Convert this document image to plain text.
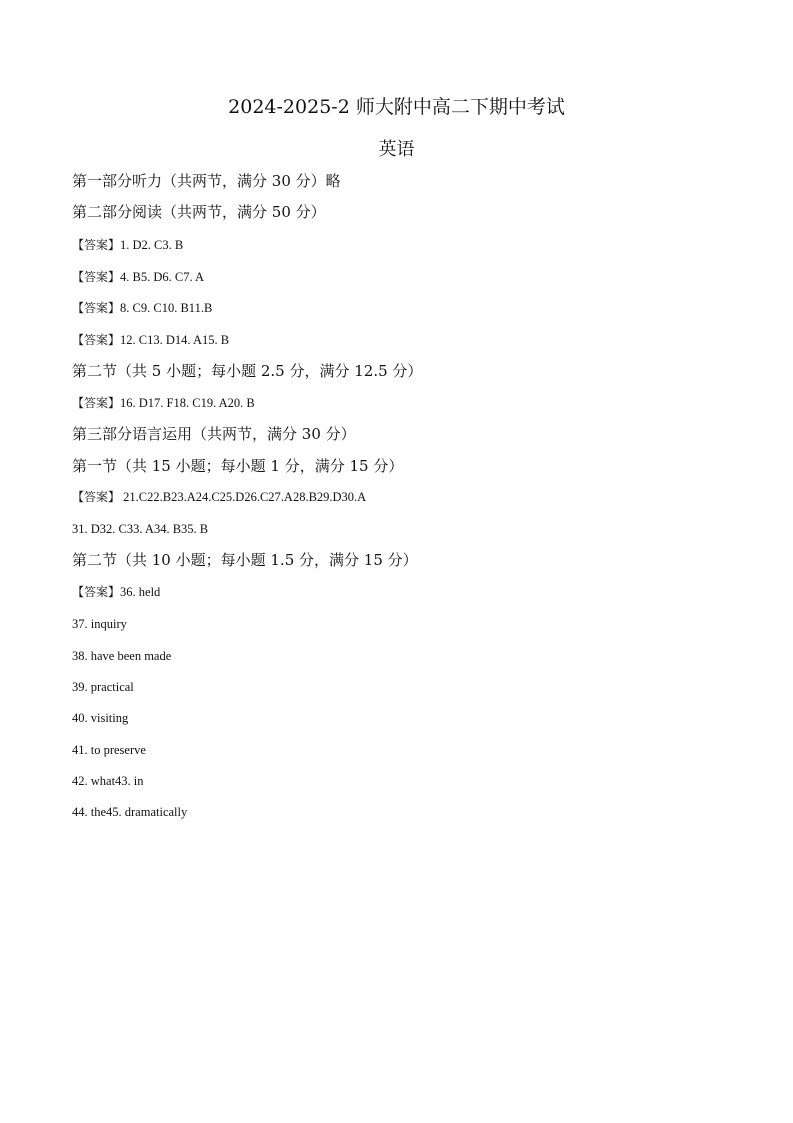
2024-2025-2 师大附中高二下期中考试
英语
第一部分听力（共两节，满分 30 分）略
第二部分阅读（共两节，满分 50 分）
【答案】1. D2. C3. B
【答案】4. B5. D6. C7. A
【答案】8. C9. C10. B11.B
【答案】12. C13. D14. A15. B
第二节（共 5 小题；每小题 2.5 分，满分 12.5 分）
【答案】16. D17. F18. C19. A20. B
第三部分语言运用（共两节，满分 30 分）
第一节（共 15 小题；每小题 1 分，满分 15 分）
【答案】 21.C22.B23.A24.C25.D26.C27.A28.B29.D30.A
31. D32. C33. A34. B35. B
第二节（共 10 小题；每小题 1.5 分，满分 15 分）
【答案】36. held
37. inquiry
38. have been made
39. practical
40. visiting
41. to preserve
42. what43. in
44. the45. dramatically
